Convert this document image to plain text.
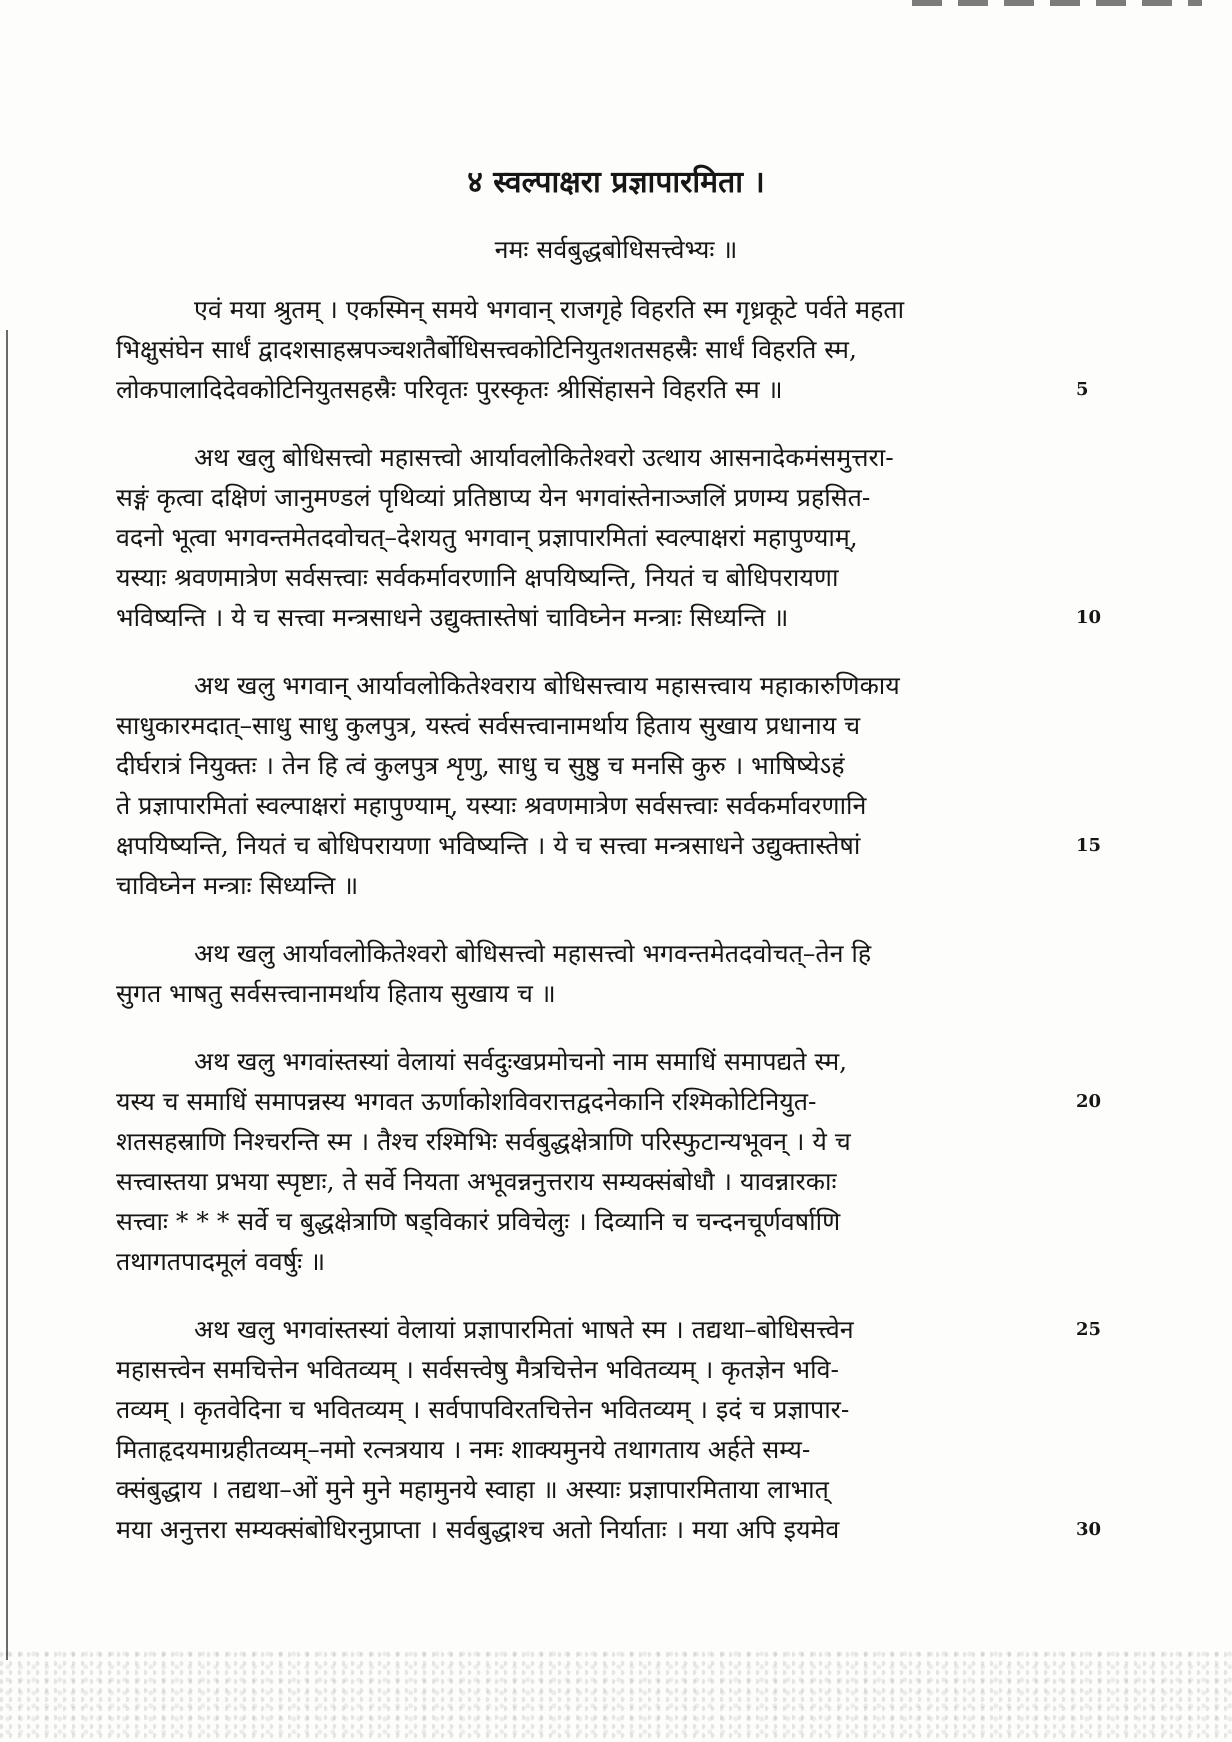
४ स्वल्पाक्षरा प्रज्ञापारमिता ।

नमः सर्वबुद्धबोधिसत्त्वेभ्यः ॥

एवं मया श्रुतम् । एकस्मिन् समये भगवान् राजगृहे विहरति स्म गृध्रकूटे पर्वते महता
भिक्षुसंघेन सार्धं द्वादशसाहस्रपञ्चशतैर्बोधिसत्त्वकोटिनियुतशतसहस्रैः सार्धं विहरति स्म,
लोकपालादिदेवकोटिनियुतसहस्रैः परिवृतः पुरस्कृतः श्रीसिंहासने विहरति स्म ॥	5
अथ खलु बोधिसत्त्वो महासत्त्वो आर्यावलोकितेश्वरो उत्थाय आसनादेकमंसमुत्तरा-
सङ्गं कृत्वा दक्षिणं जानुमण्डलं पृथिव्यां प्रतिष्ठाप्य येन भगवांस्तेनाञ्जलिं प्रणम्य प्रहसित-
वदनो भूत्वा भगवन्तमेतदवोचत्–देशयतु भगवान् प्रज्ञापारमितां स्वल्पाक्षरां महापुण्याम्,
यस्याः श्रवणमात्रेण सर्वसत्त्वाः सर्वकर्मावरणानि क्षपयिष्यन्ति, नियतं च बोधिपरायणा
भविष्यन्ति । ये च सत्त्वा मन्त्रसाधने उद्युक्तास्तेषां चाविघ्नेन मन्त्राः सिध्यन्ति ॥	10
अथ खलु भगवान् आर्यावलोकितेश्वराय बोधिसत्त्वाय महासत्त्वाय महाकारुणिकाय
साधुकारमदात्–साधु साधु कुलपुत्र, यस्त्वं सर्वसत्त्वानामर्थाय हिताय सुखाय प्रधानाय च
दीर्घरात्रं नियुक्तः । तेन हि त्वं कुलपुत्र शृणु, साधु च सुष्ठु च मनसि कुरु । भाषिष्येऽहं
ते प्रज्ञापारमितां स्वल्पाक्षरां महापुण्याम्, यस्याः श्रवणमात्रेण सर्वसत्त्वाः सर्वकर्मावरणानि
क्षपयिष्यन्ति, नियतं च बोधिपरायणा भविष्यन्ति । ये च सत्त्वा मन्त्रसाधने उद्युक्तास्तेषां	15
चाविघ्नेन मन्त्राः सिध्यन्ति ॥
अथ खलु आर्यावलोकितेश्वरो बोधिसत्त्वो महासत्त्वो भगवन्तमेतदवोचत्–तेन हि
सुगत भाषतु सर्वसत्त्वानामर्थाय हिताय सुखाय च ॥
अथ खलु भगवांस्तस्यां वेलायां सर्वदुःखप्रमोचनो नाम समाधिं समापद्यते स्म,
यस्य च समाधिं समापन्नस्य भगवत ऊर्णाकोशविवरात्तद्वदनेकानि रश्मिकोटिनियुत-	20
शतसहस्राणि निश्चरन्ति स्म । तैश्च रश्मिभिः सर्वबुद्धक्षेत्राणि परिस्फुटान्यभूवन् । ये च
सत्त्वास्तया प्रभया स्पृष्टाः, ते सर्वे नियता अभूवन्ननुत्तराय सम्यक्संबोधौ । यावन्नारकाः
सत्त्वाः * * * सर्वे च बुद्धक्षेत्राणि षड्विकारं प्रविचेलुः । दिव्यानि च चन्दनचूर्णवर्षाणि
तथागतपादमूलं ववर्षुः ॥
अथ खलु भगवांस्तस्यां वेलायां प्रज्ञापारमितां भाषते स्म । तद्यथा–बोधिसत्त्वेन	25
महासत्त्वेन समचित्तेन भवितव्यम् । सर्वसत्त्वेषु मैत्रचित्तेन भवितव्यम् । कृतज्ञेन भवि-
तव्यम् । कृतवेदिना च भवितव्यम् । सर्वपापविरतचित्तेन भवितव्यम् । इदं च प्रज्ञापार-
मिताहृदयमाग्रहीतव्यम्–नमो रत्नत्रयाय । नमः शाक्यमुनये तथागताय अर्हते सम्य-
क्संबुद्धाय । तद्यथा–ओं मुने मुने महामुनये स्वाहा ॥ अस्याः प्रज्ञापारमिताया लाभात्
मया अनुत्तरा सम्यक्संबोधिरनुप्राप्ता । सर्वबुद्धाश्च अतो निर्याताः । मया अपि इयमेव	30
